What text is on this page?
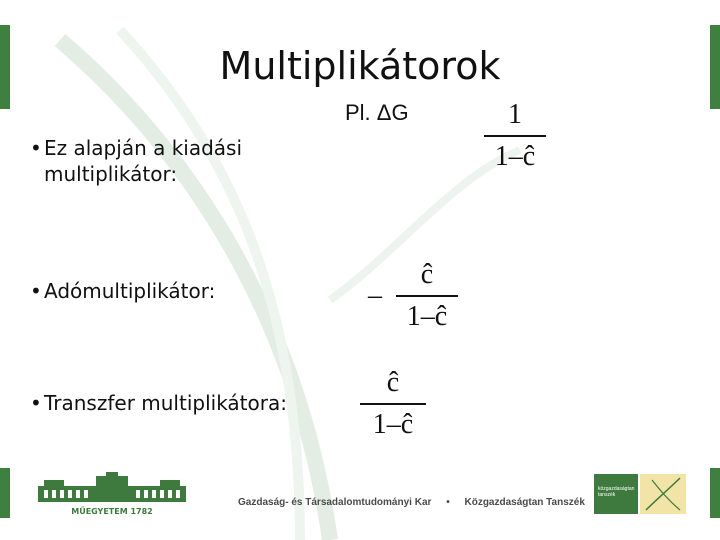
Multiplikátorok
Pl. ΔG
• Ez alapján a kiadási multiplikátor:
• Adómultiplikátor:
• Transzfer multiplikátora:
1
1–ĉ
–
ĉ
1–ĉ
ĉ
1–ĉ
MŰEGYETEM 1782
Gazdaság- és Társadalomtudományi Kar • Közgazdaságtan Tanszék
közgazdaságtan tanszék
